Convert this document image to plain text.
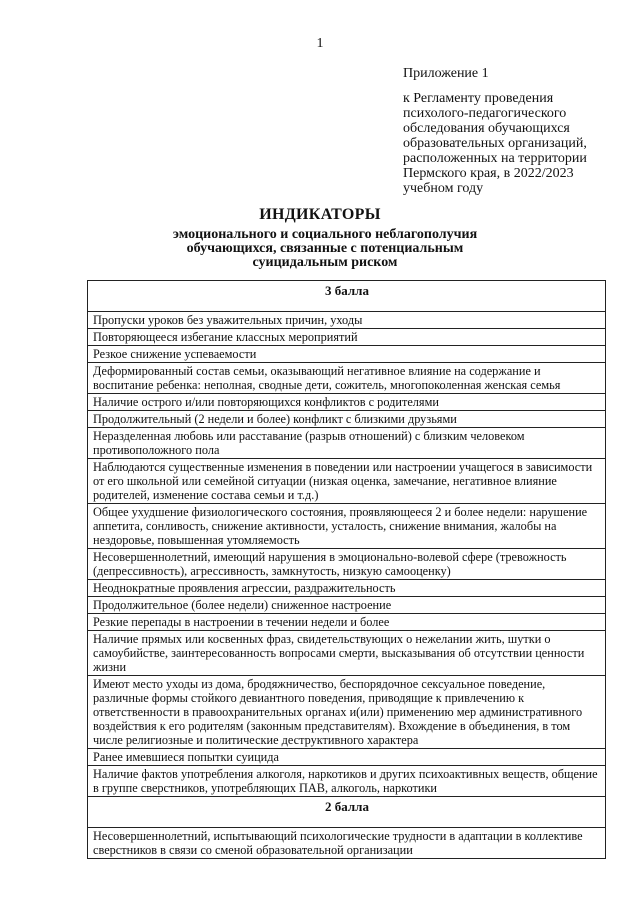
1
Приложение 1
к Регламенту проведения психолого-педагогического обследования обучающихся образовательных организаций, расположенных на территории Пермского края, в 2022/2023 учебном году
ИНДИКАТОРЫ
эмоционального и социального неблагополучия обучающихся, связанные с потенциальным суицидальным риском
3 балла
Пропуски уроков без уважительных причин, уходы
Повторяющееся избегание классных мероприятий
Резкое снижение успеваемости
Деформированный состав семьи, оказывающий негативное влияние на содержание и воспитание ребенка: неполная, сводные дети, сожитель, многопоколенная женская семья
Наличие острого и/или повторяющихся конфликтов с родителями
Продолжительный (2 недели и более) конфликт с близкими друзьями
Неразделенная любовь или расставание (разрыв отношений) с близким человеком противоположного пола
Наблюдаются существенные изменения в поведении или настроении учащегося в зависимости от его школьной или семейной ситуации (низкая оценка, замечание, негативное влияние родителей, изменение состава семьи и т.д.)
Общее ухудшение физиологического состояния, проявляющееся 2 и более недели: нарушение аппетита, сонливость, снижение активности, усталость, снижение внимания, жалобы на нездоровье, повышенная утомляемость
Несовершеннолетний, имеющий нарушения в эмоционально-волевой сфере (тревожность (депрессивность), агрессивность, замкнутость, низкую самооценку)
Неоднократные проявления агрессии, раздражительность
Продолжительное (более недели) сниженное настроение
Резкие перепады в настроении в течении недели и более
Наличие прямых или косвенных фраз, свидетельствующих о нежелании жить, шутки о самоубийстве, заинтересованность вопросами смерти, высказывания об отсутствии ценности жизни
Имеют место уходы из дома, бродяжничество, беспорядочное сексуальное поведение, различные формы стойкого девиантного поведения, приводящие к привлечению к ответственности в правоохранительных органах и(или) применению мер административного воздействия к его родителям (законным представителям). Вхождение в объединения, в том числе религиозные и политические деструктивного характера
Ранее имевшиеся попытки суицида
Наличие фактов употребления алкоголя, наркотиков и других психоактивных веществ, общение в группе сверстников, употребляющих ПАВ, алкоголь, наркотики
2 балла
Несовершеннолетний, испытывающий психологические трудности в адаптации в коллективе сверстников в связи со сменой образовательной организации
